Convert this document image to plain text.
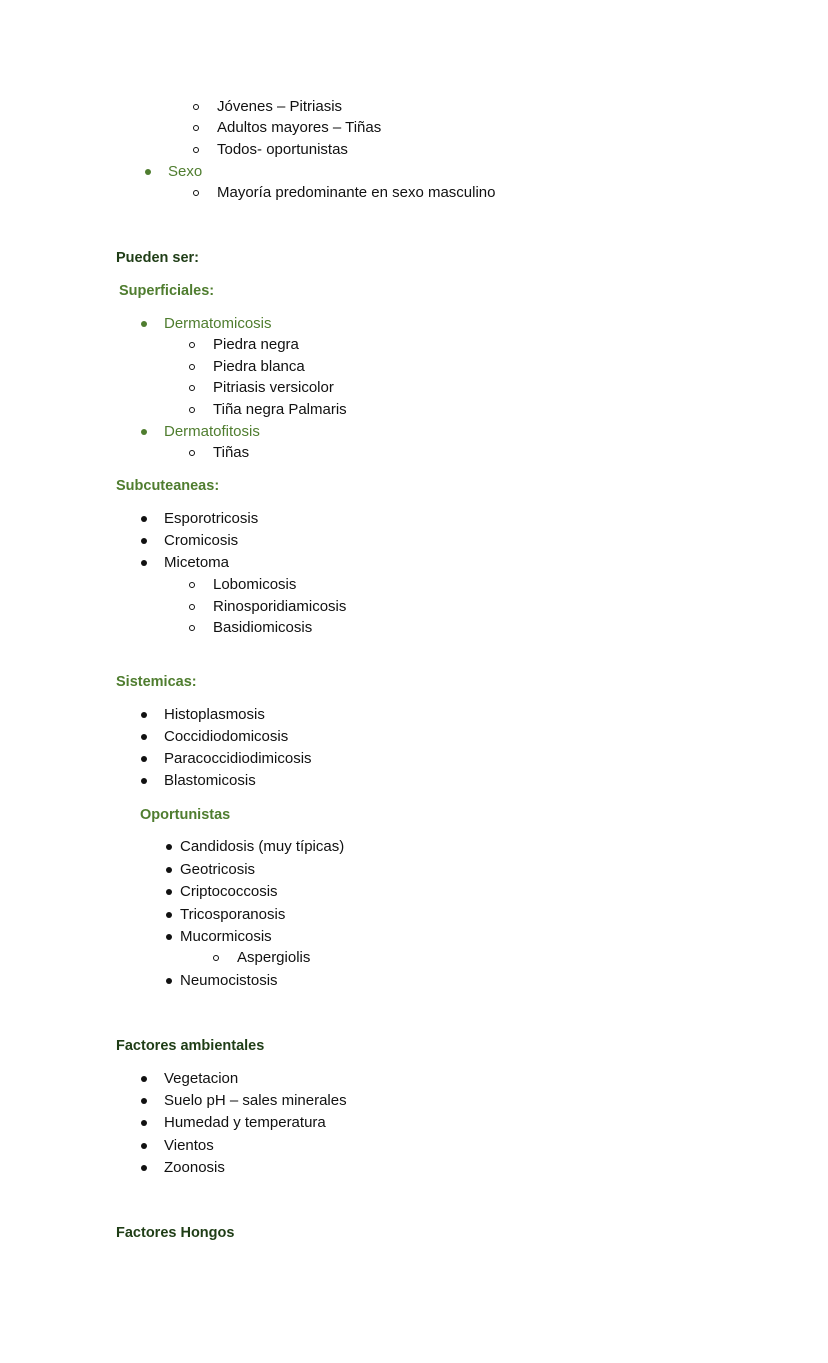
Jóvenes – Pitriasis
Adultos mayores – Tiñas
Todos- oportunistas
Sexo
Mayoría predominante en sexo masculino
Pueden ser:
Superficiales:
Dermatomicosis
Piedra negra
Piedra blanca
Pitriasis versicolor
Tiña negra Palmaris
Dermatofitosis
Tiñas
Subcuteaneas:
Esporotricosis
Cromicosis
Micetoma
Lobomicosis
Rinosporidiamicosis
Basidiomicosis
Sistemicas:
Histoplasmosis
Coccidiodomicosis
Paracoccidiodimicosis
Blastomicosis
Oportunistas
Candidosis (muy típicas)
Geotricosis
Criptococcosis
Tricosporanosis
Mucormicosis
Aspergiolis
Neumocistosis
Factores ambientales
Vegetacion
Suelo pH – sales minerales
Humedad y temperatura
Vientos
Zoonosis
Factores Hongos
